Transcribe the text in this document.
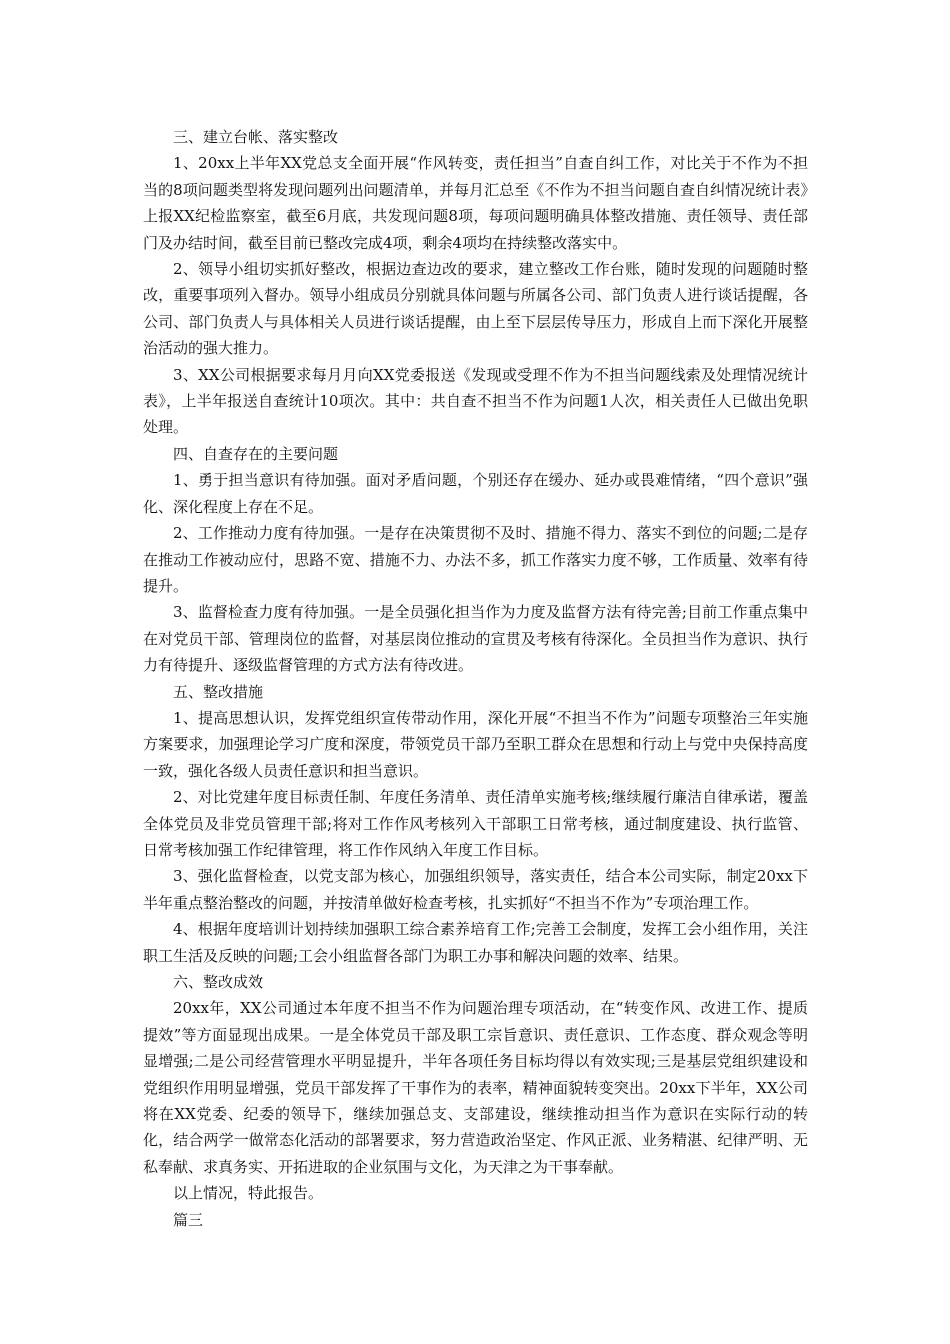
三、建立台帐、落实整改

1、20xx上半年XX党总支全面开展“作风转变，责任担当”自查自纠工作，对比关于不作为不担当的8项问题类型将发现问题列出问题清单，并每月汇总至《不作为不担当问题自查自纠情况统计表》上报XX纪检监察室，截至6月底，共发现问题8项，每项问题明确具体整改措施、责任领导、责任部门及办结时间，截至目前已整改完成4项，剩余4项均在持续整改落实中。

2、领导小组切实抓好整改，根据边查边改的要求，建立整改工作台账，随时发现的问题随时整改，重要事项列入督办。领导小组成员分别就具体问题与所属各公司、部门负责人进行谈话提醒，各公司、部门负责人与具体相关人员进行谈话提醒，由上至下层层传导压力，形成自上而下深化开展整治活动的强大推力。

3、XX公司根据要求每月月向XX党委报送《发现或受理不作为不担当问题线索及处理情况统计表》，上半年报送自查统计10项次。其中：共自查不担当不作为问题1人次，相关责任人已做出免职处理。

四、自查存在的主要问题

1、勇于担当意识有待加强。面对矛盾问题，个别还存在缓办、延办或畏难情绪，“四个意识”强化、深化程度上存在不足。

2、工作推动力度有待加强。一是存在决策贯彻不及时、措施不得力、落实不到位的问题;二是存在推动工作被动应付，思路不宽、措施不力、办法不多，抓工作落实力度不够，工作质量、效率有待提升。

3、监督检查力度有待加强。一是全员强化担当作为力度及监督方法有待完善;目前工作重点集中在对党员干部、管理岗位的监督，对基层岗位推动的宣贯及考核有待深化。全员担当作为意识、执行力有待提升、逐级监督管理的方式方法有待改进。

五、整改措施

1、提高思想认识，发挥党组织宣传带动作用，深化开展“不担当不作为”问题专项整治三年实施方案要求，加强理论学习广度和深度，带领党员干部乃至职工群众在思想和行动上与党中央保持高度一致，强化各级人员责任意识和担当意识。

2、对比党建年度目标责任制、年度任务清单、责任清单实施考核;继续履行廉洁自律承诺，覆盖全体党员及非党员管理干部;将对工作作风考核列入干部职工日常考核，通过制度建设、执行监管、日常考核加强工作纪律管理，将工作作风纳入年度工作目标。

3、强化监督检查，以党支部为核心，加强组织领导，落实责任，结合本公司实际，制定20xx下半年重点整治整改的问题，并按清单做好检查考核，扎实抓好“不担当不作为”专项治理工作。

4、根据年度培训计划持续加强职工综合素养培育工作;完善工会制度，发挥工会小组作用，关注职工生活及反映的问题;工会小组监督各部门为职工办事和解决问题的效率、结果。

六、整改成效

20xx年，XX公司通过本年度不担当不作为问题治理专项活动，在“转变作风、改进工作、提质提效”等方面显现出成果。一是全体党员干部及职工宗旨意识、责任意识、工作态度、群众观念等明显增强;二是公司经营管理水平明显提升，半年各项任务目标均得以有效实现;三是基层党组织建设和党组织作用明显增强，党员干部发挥了干事作为的表率，精神面貌转变突出。20xx下半年，XX公司将在XX党委、纪委的领导下，继续加强总支、支部建设，继续推动担当作为意识在实际行动的转化，结合两学一做常态化活动的部署要求，努力营造政治坚定、作风正派、业务精湛、纪律严明、无私奉献、求真务实、开拓进取的企业氛围与文化，为天津之为干事奉献。

以上情况，特此报告。

篇三
